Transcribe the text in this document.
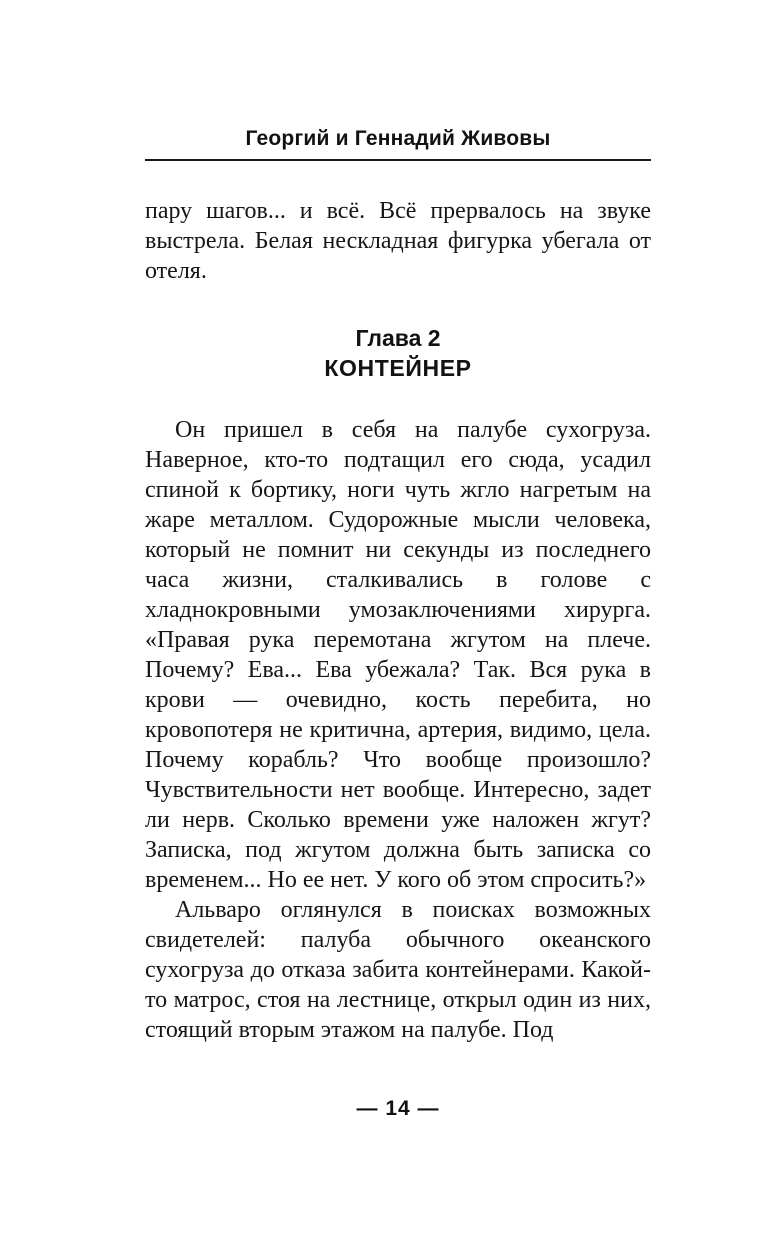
Георгий и Геннадий Живовы

пару шагов... и всё. Всё прервалось на звуке выстрела. Белая нескладная фигурка убегала от отеля.

Глава 2
КОНТЕЙНЕР

Он пришел в себя на палубе сухогруза. Наверное, кто-то подтащил его сюда, усадил спиной к бортику, ноги чуть жгло нагретым на жаре металлом. Судорожные мысли человека, который не помнит ни секунды из последнего часа жизни, сталкивались в голове с хладнокровными умозаключениями хирурга. «Правая рука перемотана жгутом на плече. Почему? Ева... Ева убежала? Так. Вся рука в крови — очевидно, кость перебита, но кровопотеря не критична, артерия, видимо, цела. Почему корабль? Что вообще произошло? Чувствительности нет вообще. Интересно, задет ли нерв. Сколько времени уже наложен жгут? Записка, под жгутом должна быть записка со временем... Но ее нет. У кого об этом спросить?»

Альваро оглянулся в поисках возможных свидетелей: палуба обычного океанского сухогруза до отказа забита контейнерами. Какой-то матрос, стоя на лестнице, открыл один из них, стоящий вторым этажом на палубе. Под

— 14 —
